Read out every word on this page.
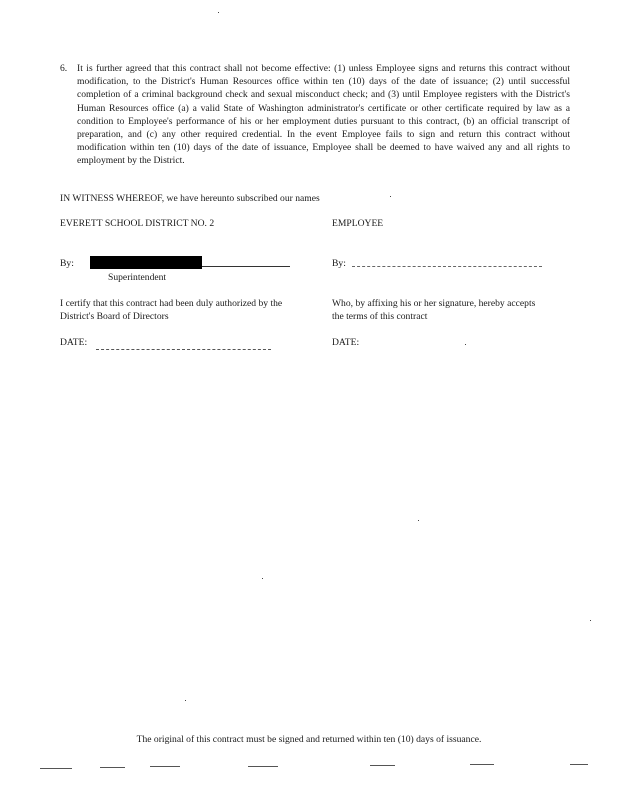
6. It is further agreed that this contract shall not become effective: (1) unless Employee signs and returns this contract without modification, to the District's Human Resources office within ten (10) days of the date of issuance; (2) until successful completion of a criminal background check and sexual misconduct check; and (3) until Employee registers with the District's Human Resources office (a) a valid State of Washington administrator's certificate or other certificate required by law as a condition to Employee's performance of his or her employment duties pursuant to this contract, (b) an official transcript of preparation, and (c) any other required credential. In the event Employee fails to sign and return this contract without modification within ten (10) days of the date of issuance, Employee shall be deemed to have waived any and all rights to employment by the District.
IN WITNESS WHEREOF, we have hereunto subscribed our names
EVERETT SCHOOL DISTRICT NO. 2
By:
Superintendent
I certify that this contract had been duly authorized by the District's Board of Directors
DATE:
EMPLOYEE
By:
Who, by affixing his or her signature, hereby accepts the terms of this contract
DATE:
The original of this contract must be signed and returned within ten (10) days of issuance.
